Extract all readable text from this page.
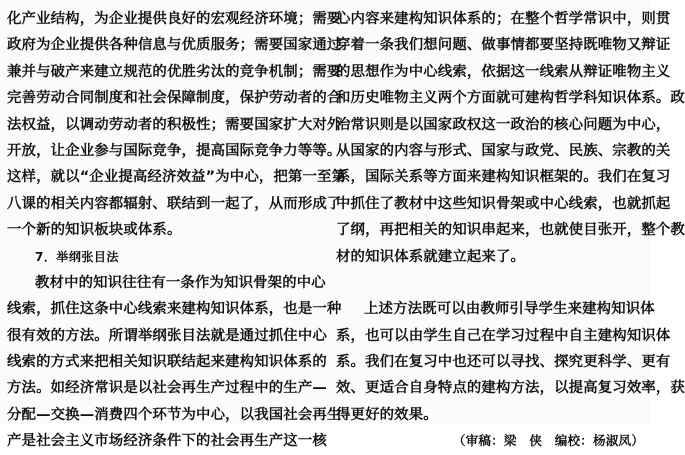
化产业结构，为企业提供良好的宏观经济环境；需要
政府为企业提供各种信息与优质服务；需要国家通过
兼并与破产来建立规范的优胜劣汰的竞争机制；需要
完善劳动合同制度和社会保障制度，保护劳动者的合
法权益，以调动劳动者的积极性；需要国家扩大对外
开放，让企业参与国际竞争，提高国际竞争力等等。
这样，就以“企业提高经济效益”为中心，把第一至第
八课的相关内容都辐射、联结到一起了，从而形成了
一个新的知识板块或体系。
7．举纲张目法
教材中的知识往往有一条作为知识骨架的中心
线索，抓住这条中心线索来建构知识体系，也是一种
很有效的方法。所谓举纲张目法就是通过抓住中心
线索的方式来把相关知识联结起来建构知识体系的
方法。如经济常识是以社会再生产过程中的生产—
分配—交换—消费四个环节为中心，以我国社会再生
产是社会主义市场经济条件下的社会再生产这一核
心内容来建构知识体系的；在整个哲学常识中，则贯
穿着一条我们想问题、做事情都要坚持既唯物又辩证
的思想作为中心线索，依据这一线索从辩证唯物主义
和历史唯物主义两个方面就可建构哲学科知识体系。政
治常识则是以国家政权这一政治的核心问题为中心，
从国家的内容与形式、国家与政党、民族、宗教的关
系，国际关系等方面来建构知识框架的。我们在复习
中抓住了教材中这些知识骨架或中心线索，也就抓起
了纲，再把相关的知识串起来，也就使目张开，整个教
材的知识体系就建立起来了。
上述方法既可以由教师引导学生来建构知识体
系，也可以由学生自己在学习过程中自主建构知识体
系。我们在复习中也还可以寻找、探究更科学、更有
效、更适合自身特点的建构方法，以提高复习效率，获
得更好的效果。
（审稿：梁　侠　编校：杨淑凤）
